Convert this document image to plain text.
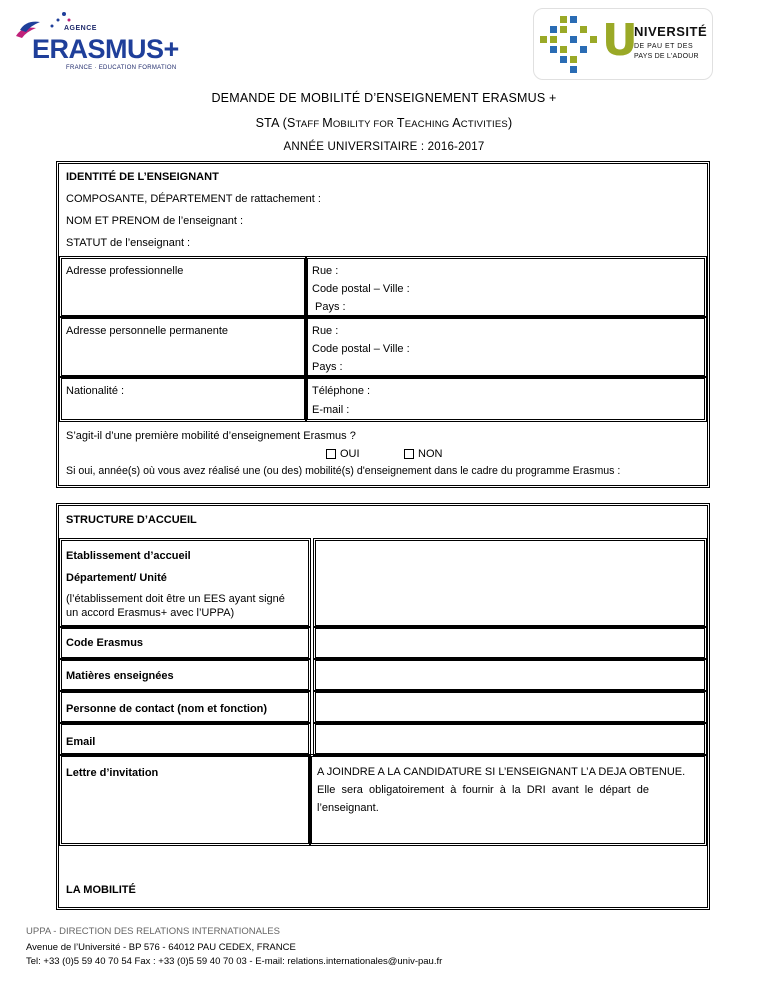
AGENCE
ERASMUS+
FRANCE · EDUCATION FORMATION
U
NIVERSITÉ
DE PAU ET DES
PAYS DE L'ADOUR
DEMANDE DE MOBILITÉ D’ENSEIGNEMENT ERASMUS +
STA (STAFF MOBILITY FOR TEACHING ACTIVITIES)
ANNÉE UNIVERSITAIRE : 2016-2017
IDENTITÉ DE L’ENSEIGNANT
COMPOSANTE, DÉPARTEMENT de rattachement :
NOM ET PRENOM de l’enseignant :
STATUT de l’enseignant :
Adresse professionnelle	Rue :
Code postal – Ville :
Pays :
Adresse personnelle permanente	Rue :
Code postal – Ville :
Pays :
Nationalité :	Téléphone :
E-mail :
S’agit-il d’une première mobilité d’enseignement Erasmus ?
OUI	NON
Si oui, année(s) où vous avez réalisé une (ou des) mobilité(s) d'enseignement dans le cadre du programme Erasmus :
STRUCTURE D’ACCUEIL
Etablissement d’accueil
Département/ Unité
(l’établissement doit être un EES ayant signé
un accord Erasmus+ avec l’UPPA)
Code Erasmus
Matières enseignées
Personne de contact (nom et fonction)
Email
Lettre d’invitation	A JOINDRE A LA CANDIDATURE SI L’ENSEIGNANT L’A DEJA OBTENUE.
Elle  sera  obligatoirement  à  fournir  à  la  DRI  avant  le  départ  de
l’enseignant.
LA MOBILITÉ
UPPA - DIRECTION DES RELATIONS INTERNATIONALES
Avenue de l’Université - BP 576 - 64012 PAU CEDEX, FRANCE
Tel: +33 (0)5 59 40 70 54 Fax : +33 (0)5 59 40 70 03 - E-mail: relations.internationales@univ-pau.fr
